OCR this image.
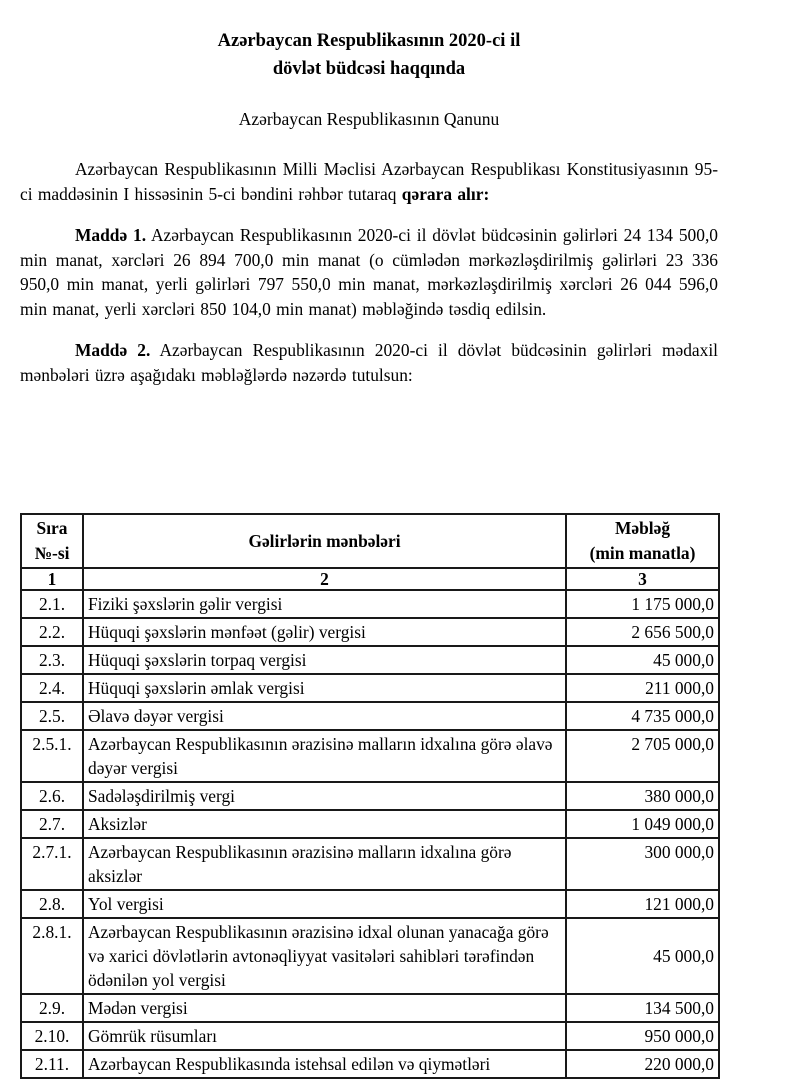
Azərbaycan Respublikasının 2020-ci il
dövlət büdcəsi haqqında
Azərbaycan Respublikasının Qanunu

Azərbaycan Respublikasının Milli Məclisi Azərbaycan Respublikası Konstitusiyasının 95-ci maddəsinin I hissəsinin 5-ci bəndini rəhbər tutaraq qərara alır:

Maddə 1. Azərbaycan Respublikasının 2020-ci il dövlət büdcəsinin gəlirləri 24 134 500,0 min manat, xərcləri 26 894 700,0 min manat (o cümlədən mərkəzləşdirilmiş gəlirləri 23 336 950,0 min manat, yerli gəlirləri 797 550,0 min manat, mərkəzləşdirilmiş xərcləri 26 044 596,0 min manat, yerli xərcləri 850 104,0 min manat) məbləğində təsdiq edilsin.

Maddə 2. Azərbaycan Respublikasının 2020-ci il dövlət büdcəsinin gəlirləri mədaxil mənbələri üzrə aşağıdakı məbləğlərdə nəzərdə tutulsun:

Sıra
№-si
	Gəlirlərin mənbələri	
Məbləğ
(min manatla)

1	2	3
2.1.	Fiziki şəxslərin gəlir vergisi	1 175 000,0
2.2.	Hüquqi şəxslərin mənfəət (gəlir) vergisi	2 656 500,0
2.3.	Hüquqi şəxslərin torpaq vergisi	45 000,0
2.4.	Hüquqi şəxslərin əmlak vergisi	211 000,0
2.5.	Əlavə dəyər vergisi	4 735 000,0
2.5.1.	Azərbaycan Respublikasının ərazisinə malların idxalına görə əlavə dəyər vergisi	2 705 000,0
2.6.	Sadələşdirilmiş vergi	380 000,0
2.7.	Aksizlər	1 049 000,0
2.7.1.	Azərbaycan Respublikasının ərazisinə malların idxalına görə aksizlər	300 000,0
2.8.	Yol vergisi	121 000,0
2.8.1.	Azərbaycan Respublikasının ərazisinə idxal olunan yanacağa görə və xarici dövlətlərin avtonəqliyyat vasitələri sahibləri tərəfindən ödənilən yol vergisi	45 000,0
2.9.	Mədən vergisi	134 500,0
2.10.	Gömrük rüsumları	950 000,0
2.11.	Azərbaycan Respublikasında istehsal edilən və qiymətləri	220 000,0
